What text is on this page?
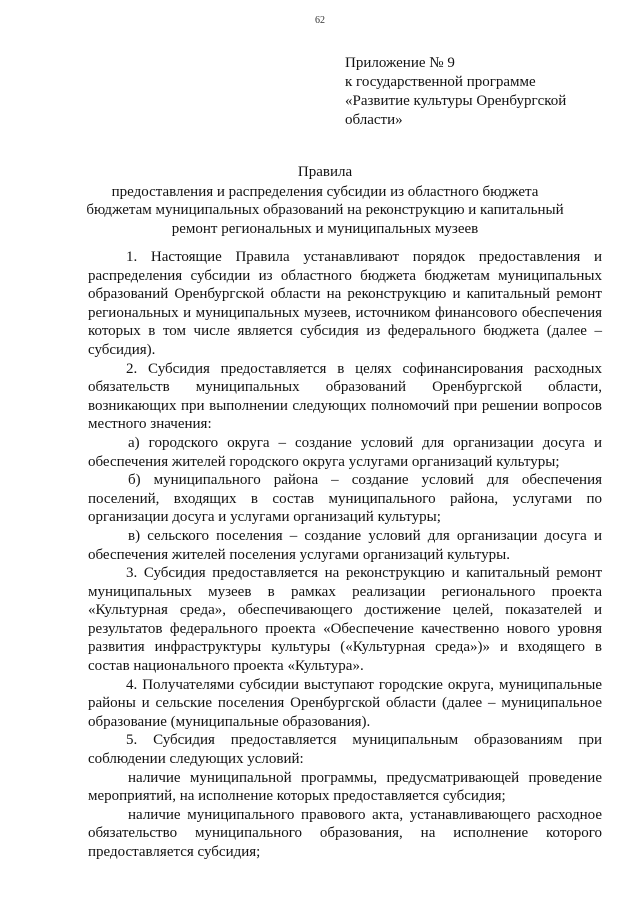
62
Приложение № 9
к государственной программе
«Развитие культуры Оренбургской
области»
Правила
предоставления и распределения субсидии из областного бюджета
бюджетам муниципальных образований на реконструкцию и капитальный
ремонт региональных и муниципальных музеев

1. Настоящие Правила устанавливают порядок предоставления и распределения субсидии из областного бюджета бюджетам муниципальных образований Оренбургской области на реконструкцию и капитальный ремонт региональных и муниципальных музеев, источником финансового обеспечения которых в том числе является субсидия из федерального бюджета (далее – субсидия).

2. Субсидия предоставляется в целях софинансирования расходных обязательств муниципальных образований Оренбургской области, возникающих при выполнении следующих полномочий при решении вопросов местного значения:

а) городского округа – создание условий для организации досуга и обеспечения жителей городского округа услугами организаций культуры;

б) муниципального района – создание условий для обеспечения поселений, входящих в состав муниципального района, услугами по организации досуга и услугами организаций культуры;

в) сельского поселения – создание условий для организации досуга и обеспечения жителей поселения услугами организаций культуры.

3. Субсидия предоставляется на реконструкцию и капитальный ремонт муниципальных музеев в рамках реализации регионального проекта «Культурная среда», обеспечивающего достижение целей, показателей и результатов федерального проекта «Обеспечение качественно нового уровня развития инфраструктуры культуры («Культурная среда»)» и входящего в состав национального проекта «Культура».

4. Получателями субсидии выступают городские округа, муниципальные районы и сельские поселения Оренбургской области (далее – муниципальное образование (муниципальные образования).

5. Субсидия предоставляется муниципальным образованиям при соблюдении следующих условий:

наличие муниципальной программы, предусматривающей проведение мероприятий, на исполнение которых предоставляется субсидия;

наличие муниципального правового акта, устанавливающего расходное обязательство муниципального образования, на исполнение которого предоставляется субсидия;
